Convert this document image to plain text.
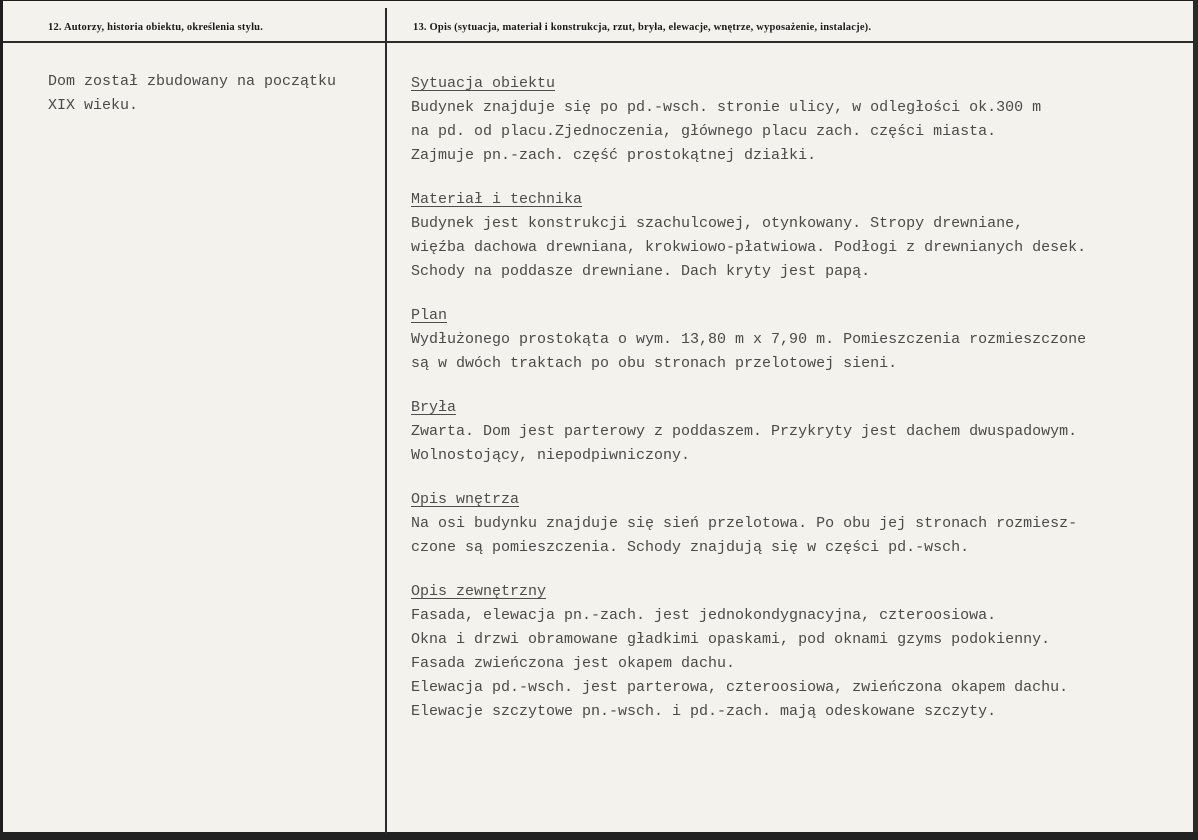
12. Autorzy, historia obiektu, określenia stylu.	13. Opis (sytuacja, materiał i konstrukcja, rzut, bryła, elewacje, wnętrze, wyposażenie, instalacje).
Dom został zbudowany na początku
XIX wieku.
Sytuacja obiektu

Budynek znajduje się po pd.-wsch. stronie ulicy, w odległości ok.300 m
na pd. od placu.Zjednoczenia, głównego placu zach. części miasta.
Zajmuje pn.-zach. część prostokątnej działki.

Materiał i technika

Budynek jest konstrukcji szachulcowej, otynkowany. Stropy drewniane,
więźba dachowa drewniana, krokwiowo-płatwiowa. Podłogi z drewnianych desek.
Schody na poddasze drewniane. Dach kryty jest papą.

Plan

Wydłużonego prostokąta o wym. 13,80 m x 7,90 m. Pomieszczenia rozmieszczone
są w dwóch traktach po obu stronach przelotowej sieni.

Bryła

Zwarta. Dom jest parterowy z poddaszem. Przykryty jest dachem dwuspadowym.
Wolnostojący, niepodpiwniczony.

Opis wnętrza

Na osi budynku znajduje się sień przelotowa. Po obu jej stronach rozmiesz-
czone są pomieszczenia. Schody znajdują się w części pd.-wsch.

Opis zewnętrzny

Fasada, elewacja pn.-zach. jest jednokondygnacyjna, czteroosiowa.
Okna i drzwi obramowane gładkimi opaskami, pod oknami gzyms podokienny.
Fasada zwieńczona jest okapem dachu.
Elewacja pd.-wsch. jest parterowa, czteroosiowa, zwieńczona okapem dachu.
Elewacje szczytowe pn.-wsch. i pd.-zach. mają odeskowane szczyty.
